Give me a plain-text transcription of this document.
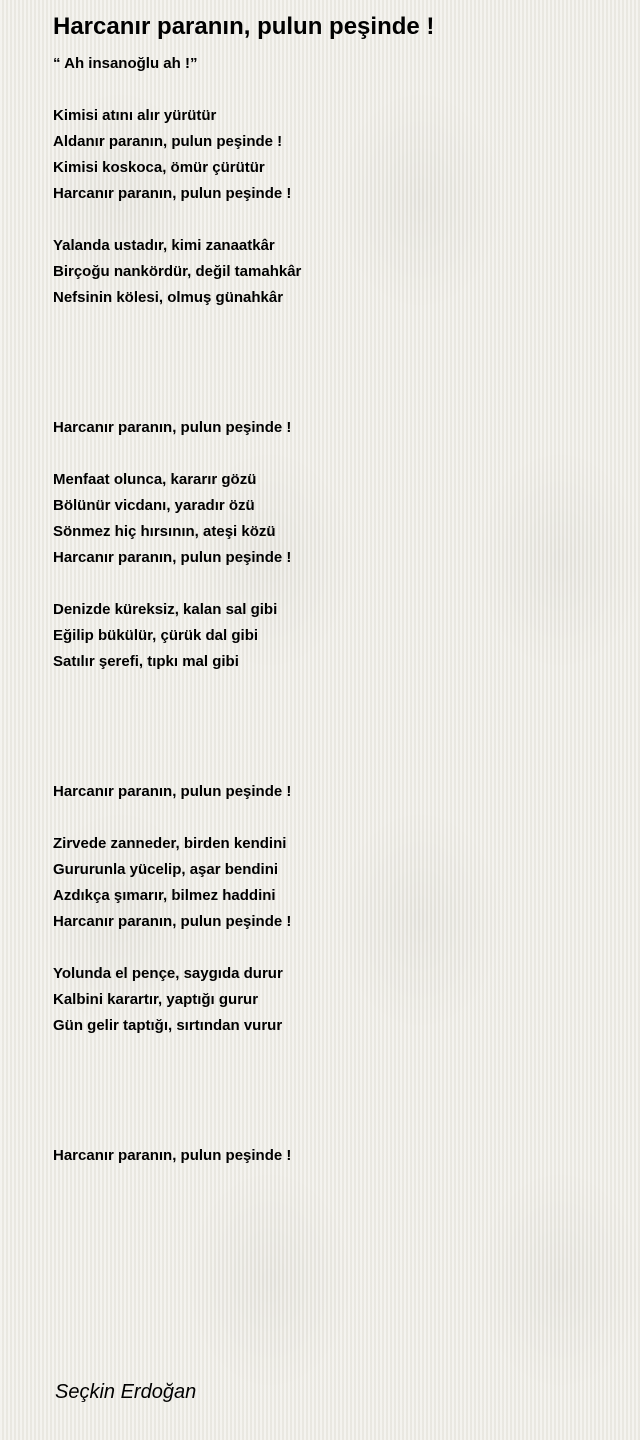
Harcanır paranın, pulun peşinde !
“ Ah insanoğlu ah !”
Kimisi atını alır yürütür
Aldanır paranın, pulun peşinde !
Kimisi koskoca, ömür çürütür
Harcanır paranın, pulun peşinde !
Yalanda ustadır, kimi zanaatkâr
Birçoğu nankördür, değil tamahkâr
Nefsinin kölesi, olmuş günahkâr
Harcanır paranın, pulun peşinde !
Menfaat olunca, kararır gözü
Bölünür vicdanı, yaradır özü
Sönmez hiç hırsının, ateşi közü
Harcanır paranın, pulun peşinde !
Denizde küreksiz, kalan sal gibi
Eğilip bükülür, çürük dal gibi
Satılır şerefi, tıpkı mal gibi
Harcanır paranın, pulun peşinde !
Zirvede zanneder, birden kendini
Gururunla yücelip, aşar bendini
Azdıkça şımarır, bilmez haddini
Harcanır paranın, pulun peşinde !
Yolunda el pençe, saygıda durur
Kalbini karartır, yaptığı gurur
Gün gelir taptığı, sırtından vurur
Harcanır paranın, pulun peşinde !
Seçkin Erdoğan
